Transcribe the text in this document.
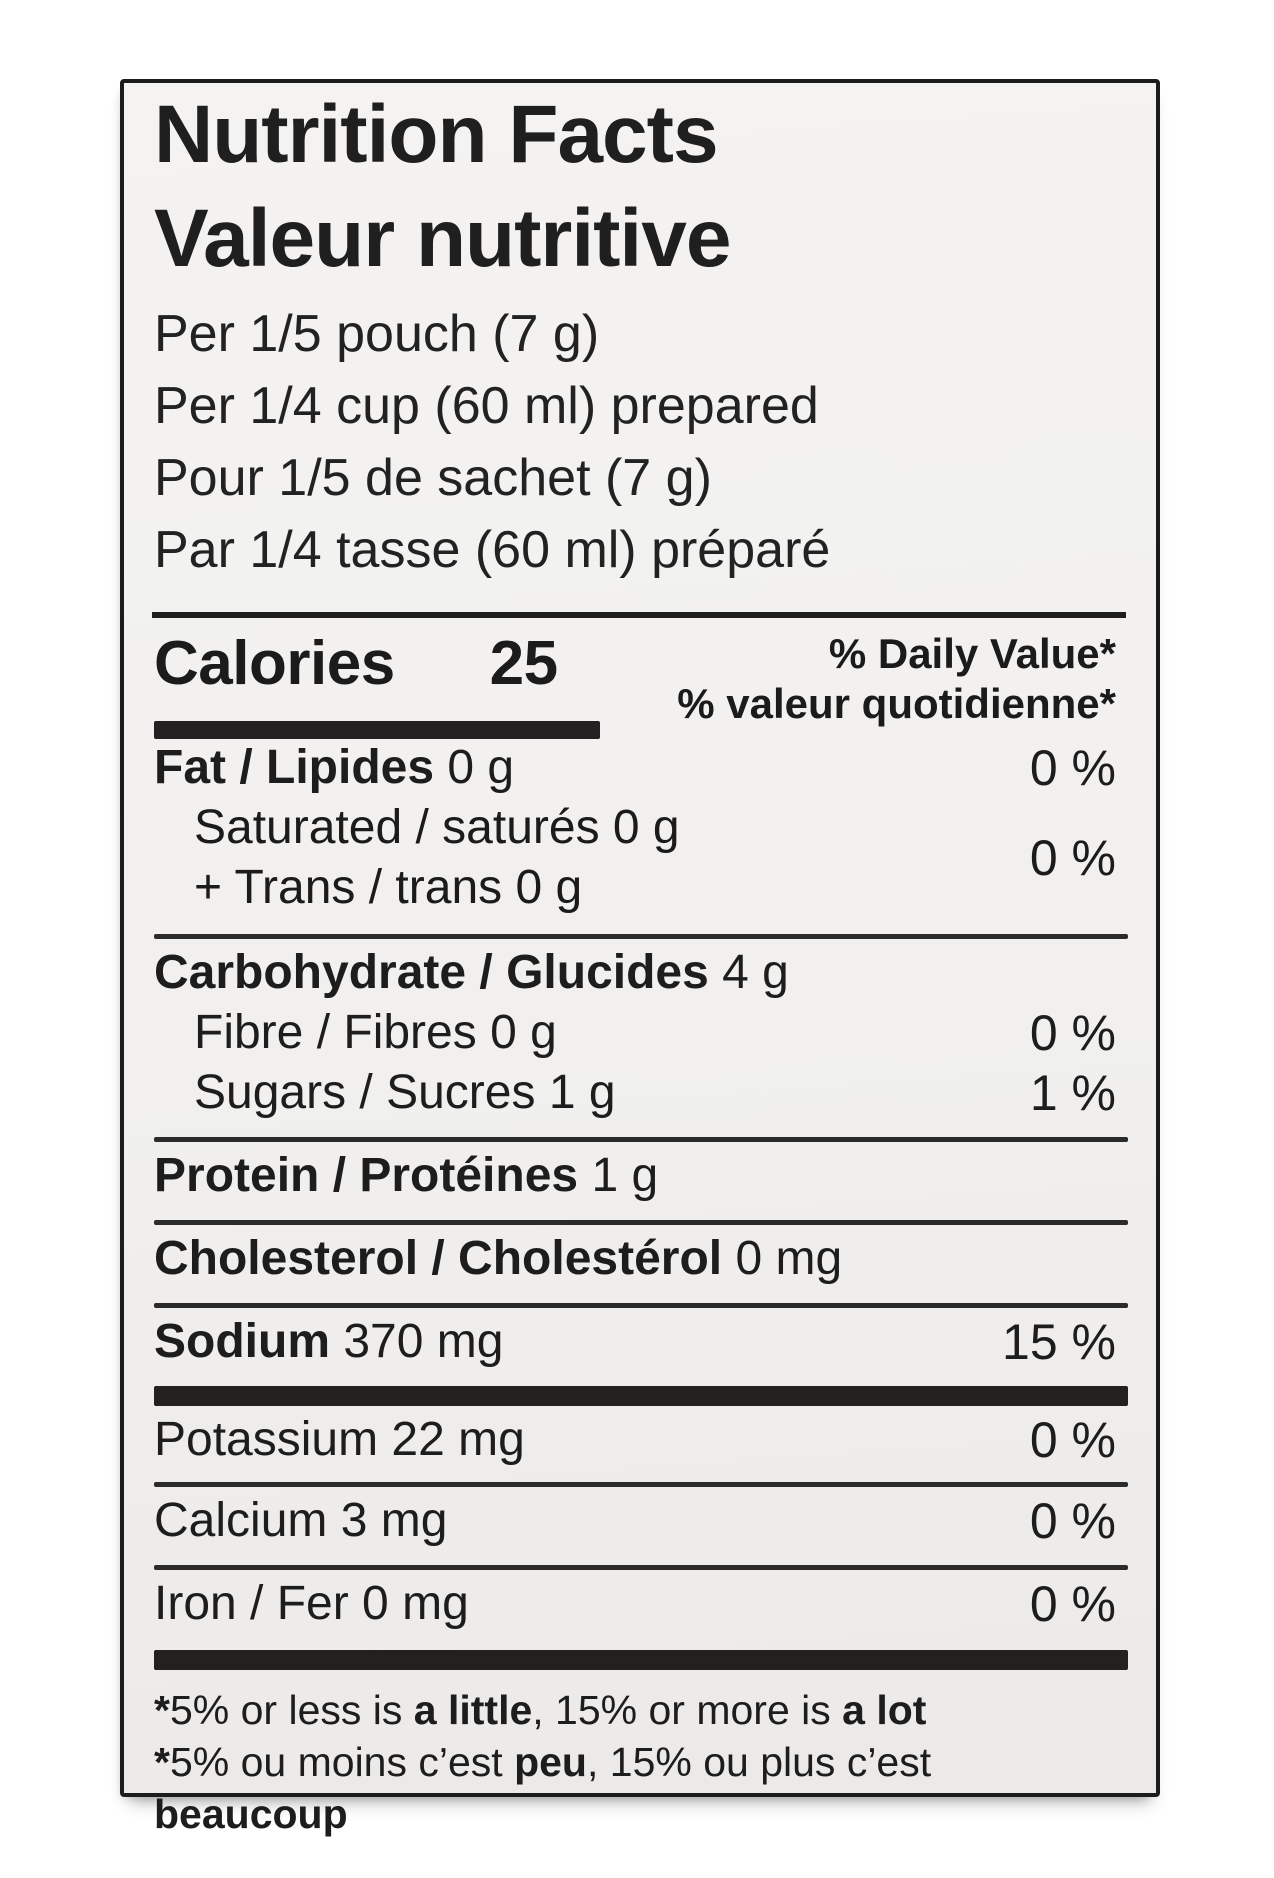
Nutrition Facts
Valeur nutritive
Per 1/5 pouch (7 g)
Per 1/4 cup (60 ml) prepared
Pour 1/5 de sachet (7 g)
Par 1/4 tasse (60 ml) préparé
Calories 25	% Daily Value*
% valeur quotidienne*
Fat / Lipides 0 g	0 %
Saturated / saturés 0 g
+ Trans / trans 0 g
0 %
Carbohydrate / Glucides 4 g
Fibre / Fibres 0 g	0 %
Sugars / Sucres 1 g	1 %
Protein / Protéines 1 g
Cholesterol / Cholestérol 0 mg
Sodium 370 mg	15 %
Potassium 22 mg	0 %
Calcium 3 mg	0 %
Iron / Fer 0 mg	0 %
*5% or less is a little, 15% or more is a lot
*5% ou moins c’est peu, 15% ou plus c’est beaucoup
